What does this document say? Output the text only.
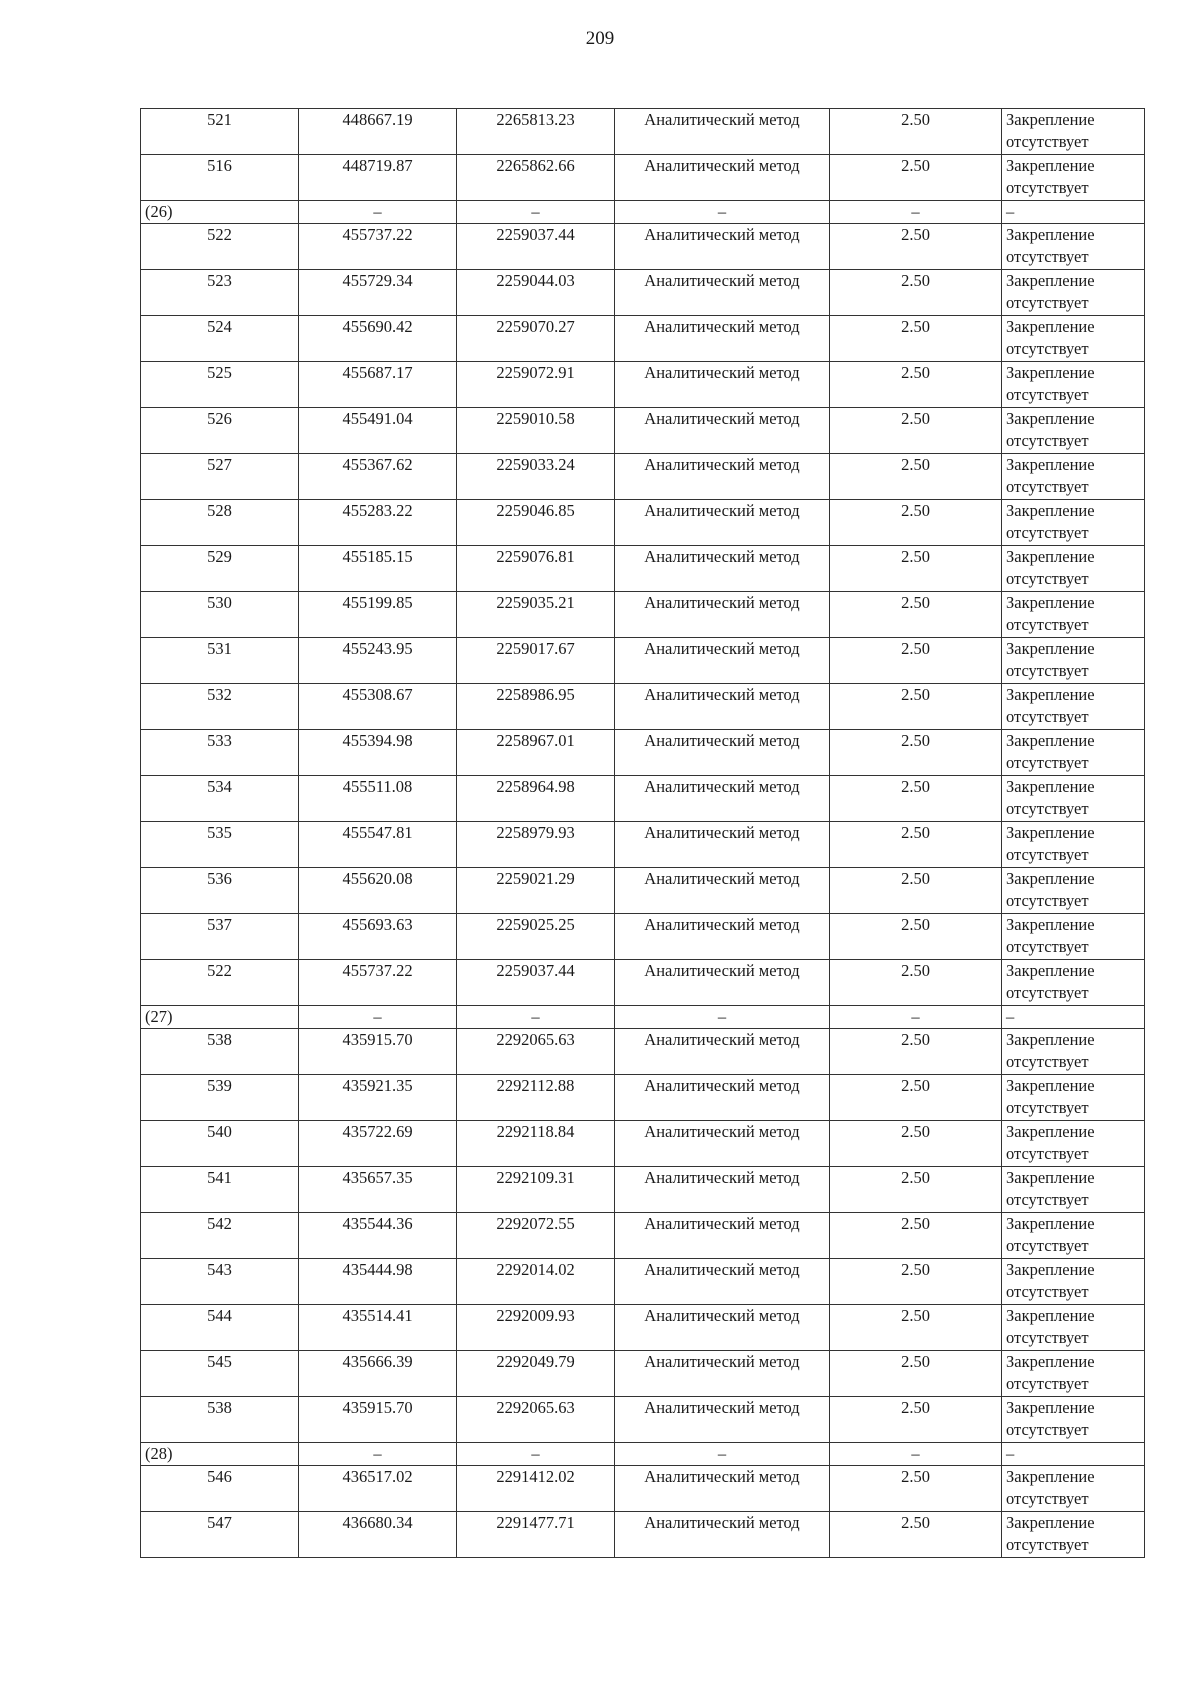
209
521	448667.19	2265813.23	Аналитический метод	2.50	Закрепление
отсутствует

516	448719.87	2265862.66	Аналитический метод	2.50	Закрепление
отсутствует

(26)	–	–	–	–	–
522	455737.22	2259037.44	Аналитический метод	2.50	Закрепление
отсутствует

523	455729.34	2259044.03	Аналитический метод	2.50	Закрепление
отсутствует

524	455690.42	2259070.27	Аналитический метод	2.50	Закрепление
отсутствует

525	455687.17	2259072.91	Аналитический метод	2.50	Закрепление
отсутствует

526	455491.04	2259010.58	Аналитический метод	2.50	Закрепление
отсутствует

527	455367.62	2259033.24	Аналитический метод	2.50	Закрепление
отсутствует

528	455283.22	2259046.85	Аналитический метод	2.50	Закрепление
отсутствует

529	455185.15	2259076.81	Аналитический метод	2.50	Закрепление
отсутствует

530	455199.85	2259035.21	Аналитический метод	2.50	Закрепление
отсутствует

531	455243.95	2259017.67	Аналитический метод	2.50	Закрепление
отсутствует

532	455308.67	2258986.95	Аналитический метод	2.50	Закрепление
отсутствует

533	455394.98	2258967.01	Аналитический метод	2.50	Закрепление
отсутствует

534	455511.08	2258964.98	Аналитический метод	2.50	Закрепление
отсутствует

535	455547.81	2258979.93	Аналитический метод	2.50	Закрепление
отсутствует

536	455620.08	2259021.29	Аналитический метод	2.50	Закрепление
отсутствует

537	455693.63	2259025.25	Аналитический метод	2.50	Закрепление
отсутствует

522	455737.22	2259037.44	Аналитический метод	2.50	Закрепление
отсутствует

(27)	–	–	–	–	–
538	435915.70	2292065.63	Аналитический метод	2.50	Закрепление
отсутствует

539	435921.35	2292112.88	Аналитический метод	2.50	Закрепление
отсутствует

540	435722.69	2292118.84	Аналитический метод	2.50	Закрепление
отсутствует

541	435657.35	2292109.31	Аналитический метод	2.50	Закрепление
отсутствует

542	435544.36	2292072.55	Аналитический метод	2.50	Закрепление
отсутствует

543	435444.98	2292014.02	Аналитический метод	2.50	Закрепление
отсутствует

544	435514.41	2292009.93	Аналитический метод	2.50	Закрепление
отсутствует

545	435666.39	2292049.79	Аналитический метод	2.50	Закрепление
отсутствует

538	435915.70	2292065.63	Аналитический метод	2.50	Закрепление
отсутствует

(28)	–	–	–	–	–
546	436517.02	2291412.02	Аналитический метод	2.50	Закрепление
отсутствует

547	436680.34	2291477.71	Аналитический метод	2.50	Закрепление
отсутствует
